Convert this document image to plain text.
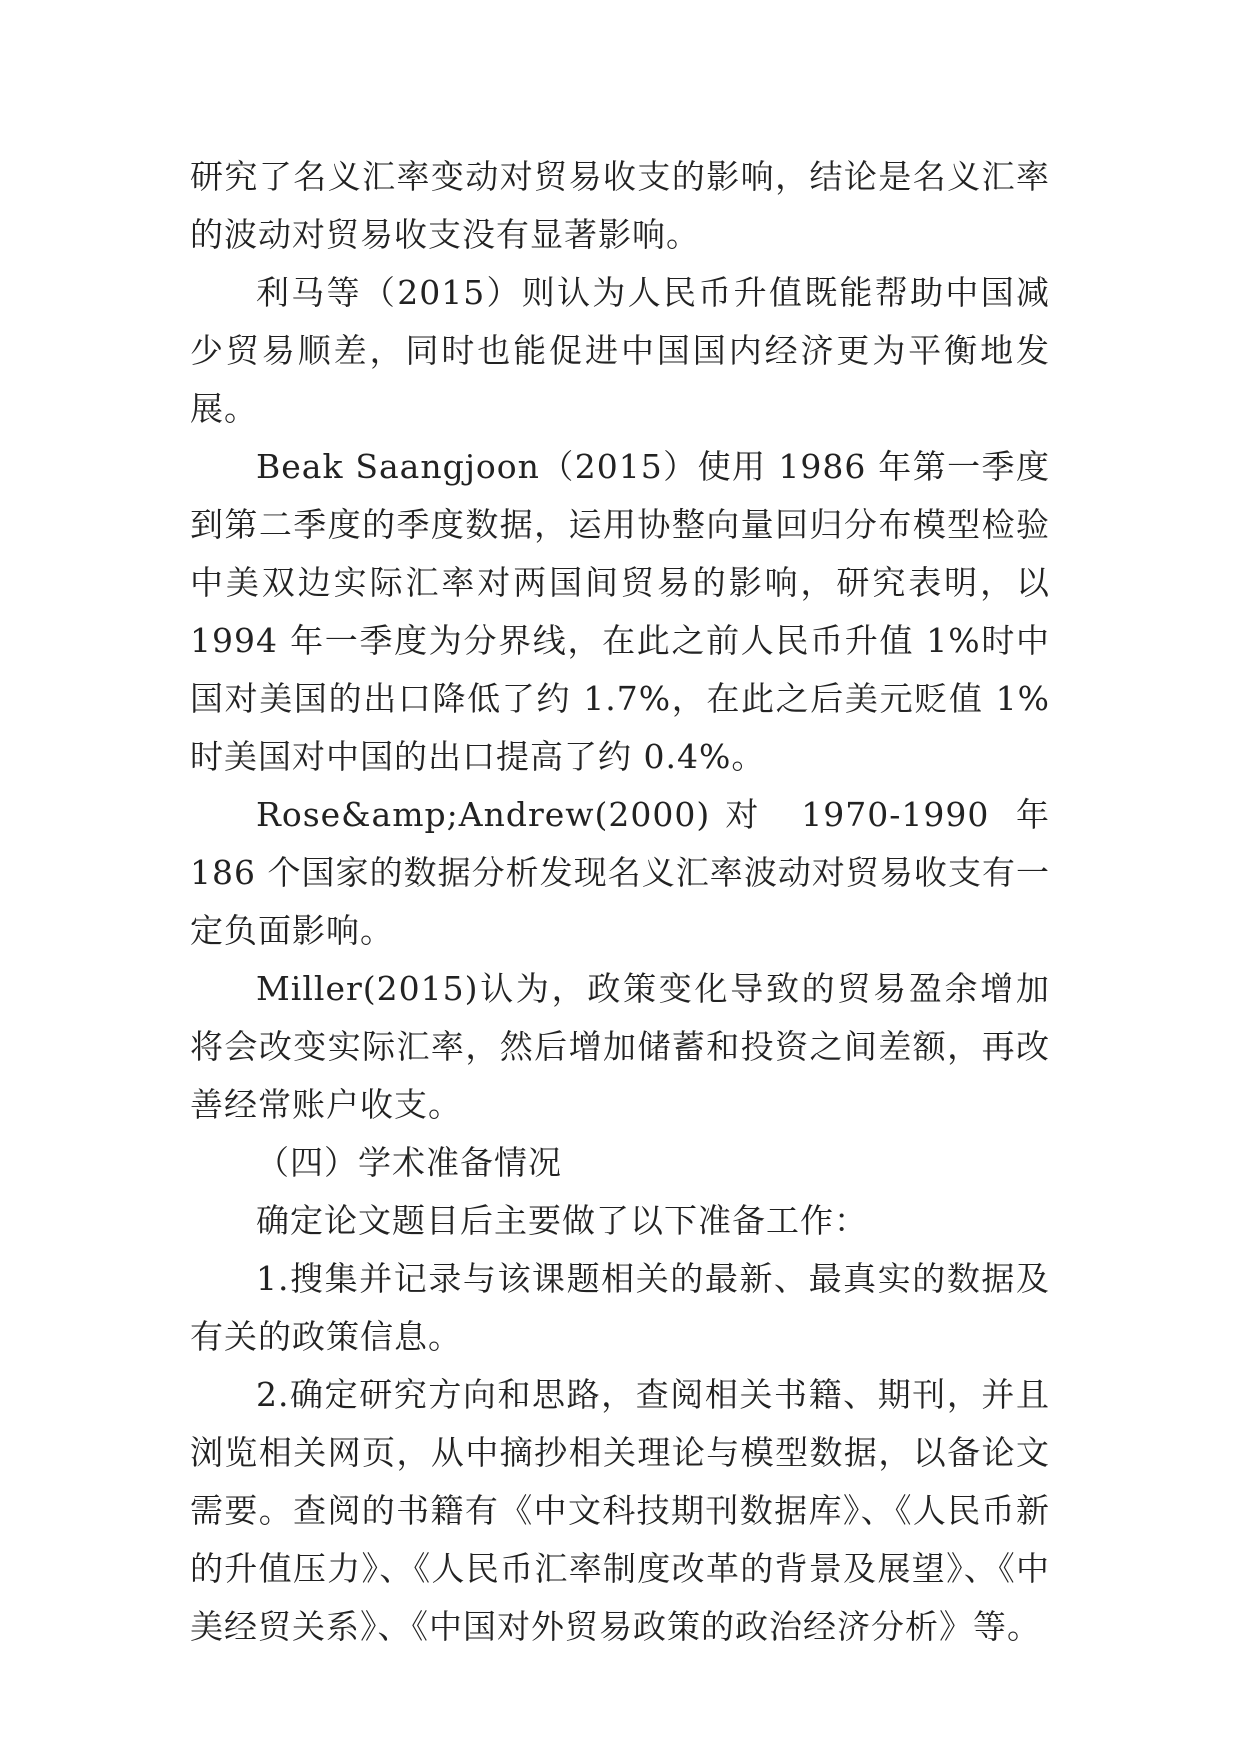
研究了名义汇率变动对贸易收支的影响，结论是名义汇率的波动对贸易收支没有显著影响。

利马等（2015）则认为人民币升值既能帮助中国减少贸易顺差，同时也能促进中国国内经济更为平衡地发展。

Beak Saangjoon（2015）使用 1986 年第一季度到第二季度的季度数据，运用协整向量回归分布模型检验中美双边实际汇率对两国间贸易的影响，研究表明，以 1994 年一季度为分界线，在此之前人民币升值 1%时中国对美国的出口降低了约 1.7%，在此之后美元贬值 1%时美国对中国的出口提高了约 0.4%。

Rose&amp;Andrew(2000)对 1970-1990 年 186 个国家的数据分析发现名义汇率波动对贸易收支有一定负面影响。

Miller(2015)认为，政策变化导致的贸易盈余增加将会改变实际汇率，然后增加储蓄和投资之间差额，再改善经常账户收支。

（四）学术准备情况

确定论文题目后主要做了以下准备工作：

1.搜集并记录与该课题相关的最新、最真实的数据及有关的政策信息。

2.确定研究方向和思路，查阅相关书籍、期刊，并且浏览相关网页，从中摘抄相关理论与模型数据，以备论文需要。查阅的书籍有《中文科技期刊数据库》、《人民币新的升值压力》、《人民币汇率制度改革的背景及展望》、《中美经贸关系》、《中国对外贸易政策的政治经济分析》等。
